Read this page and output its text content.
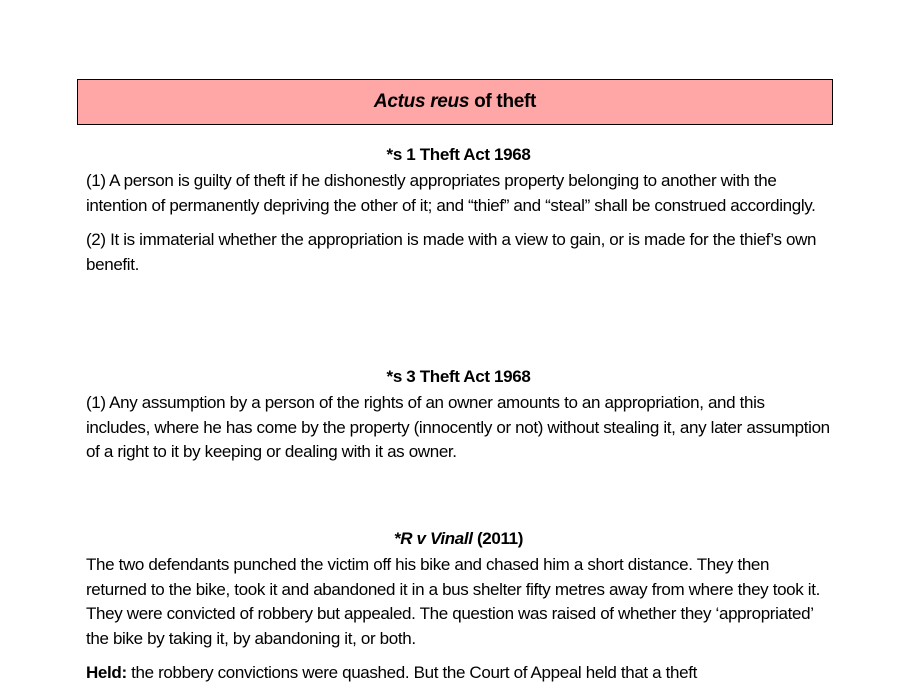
Actus reus of theft
*s 1 Theft Act 1968

(1) A person is guilty of theft if he dishonestly appropriates property belonging to another with the intention of permanently depriving the other of it; and “thief” and “steal” shall be construed accordingly.

(2) It is immaterial whether the appropriation is made with a view to gain, or is made for the thief’s own benefit.

*s 3 Theft Act 1968

(1) Any assumption by a person of the rights of an owner amounts to an appropriation, and this includes, where he has come by the property (innocently or not) without stealing it, any later assumption of a right to it by keeping or dealing with it as owner.

*R v Vinall (2011)

The two defendants punched the victim off his bike and chased him a short distance. They then returned to the bike, took it and abandoned it in a bus shelter fifty metres away from where they took it. They were convicted of robbery but appealed. The question was raised of whether they ‘appropriated’ the bike by taking it, by abandoning it, or both.

Held: the robbery convictions were quashed. But the Court of Appeal held that a theft
